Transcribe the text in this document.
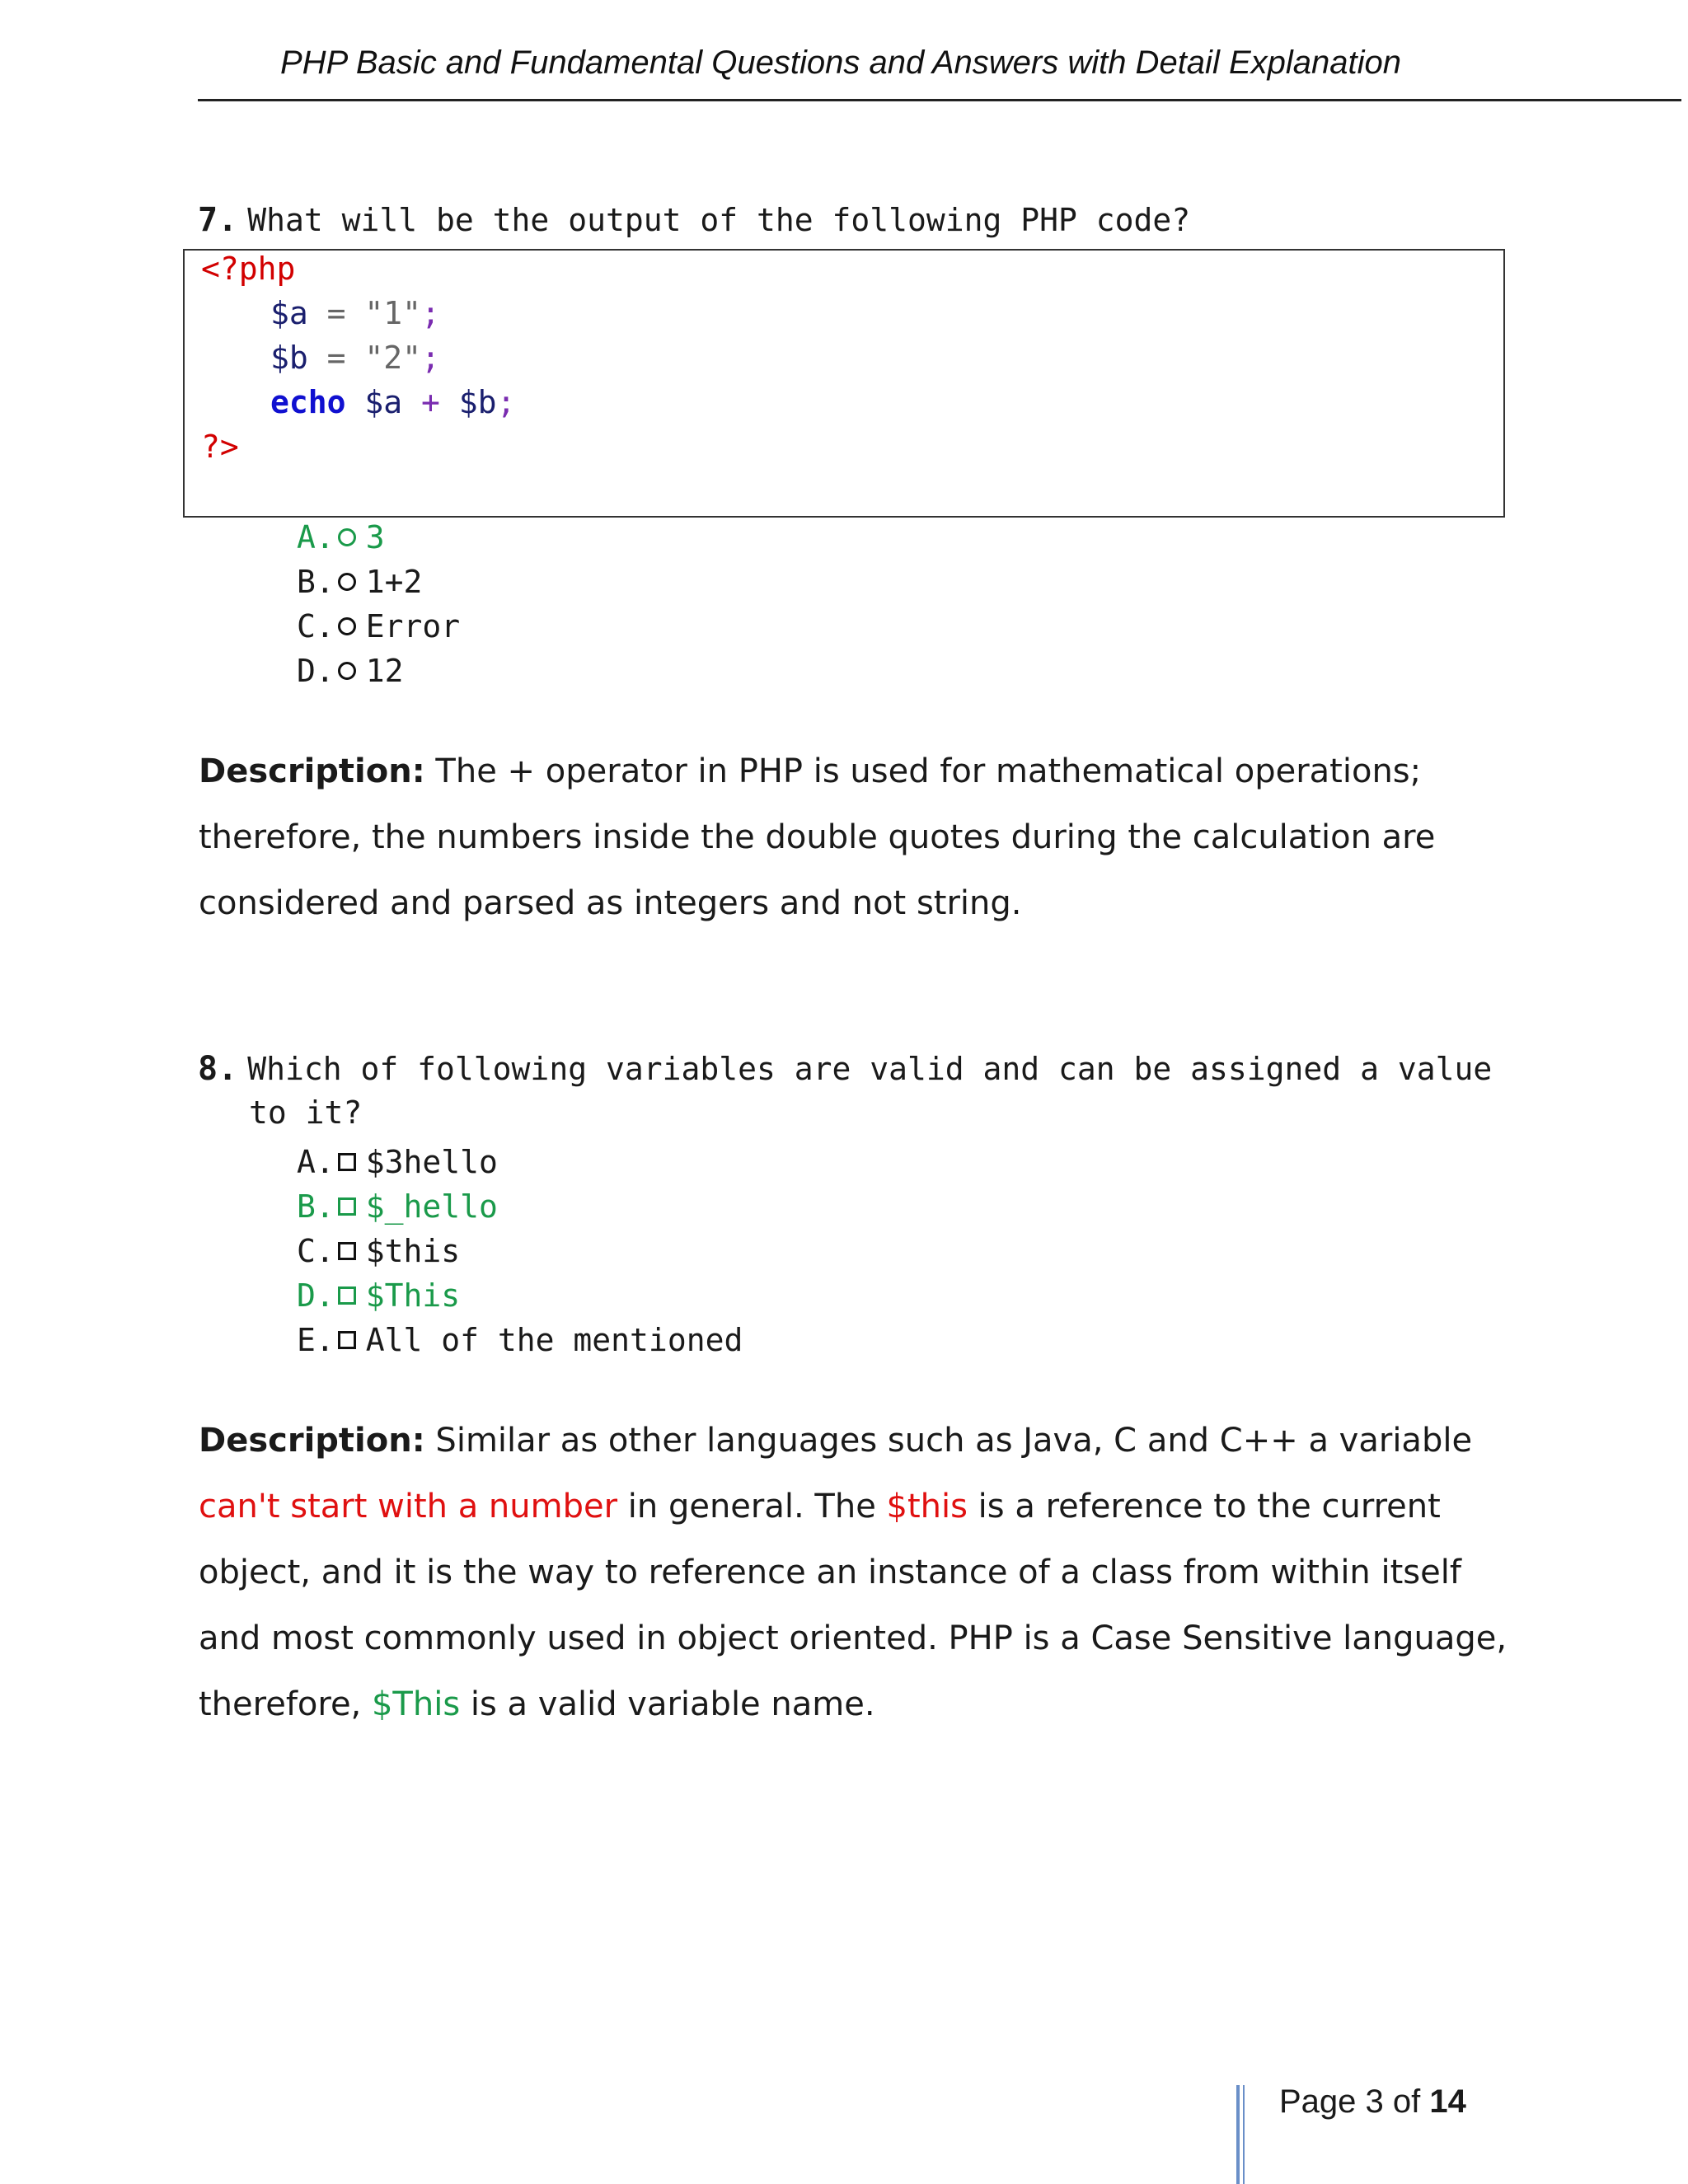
PHP Basic and Fundamental Questions and Answers with Detail Explanation
7. What will be the output of the following PHP code?
<?php
$a = "1";
$b = "2";
echo $a + $b;
?>
A. 3
B. 1+2
C. Error
D. 12
Description: The + operator in PHP is used for mathematical operations; therefore, the numbers inside the double quotes during the calculation are considered and parsed as integers and not string.
8. Which of following variables are valid and can be assigned a value
to it?
A. $3hello
B. $_hello
C. $this
D. $This
E. All of the mentioned
Description: Similar as other languages such as Java, C and C++ a variable can't start with a number in general. The $this is a reference to the current object, and it is the way to reference an instance of a class from within itself and most commonly used in object oriented. PHP is a Case Sensitive language, therefore, $This is a valid variable name.
Page 3 of 14
